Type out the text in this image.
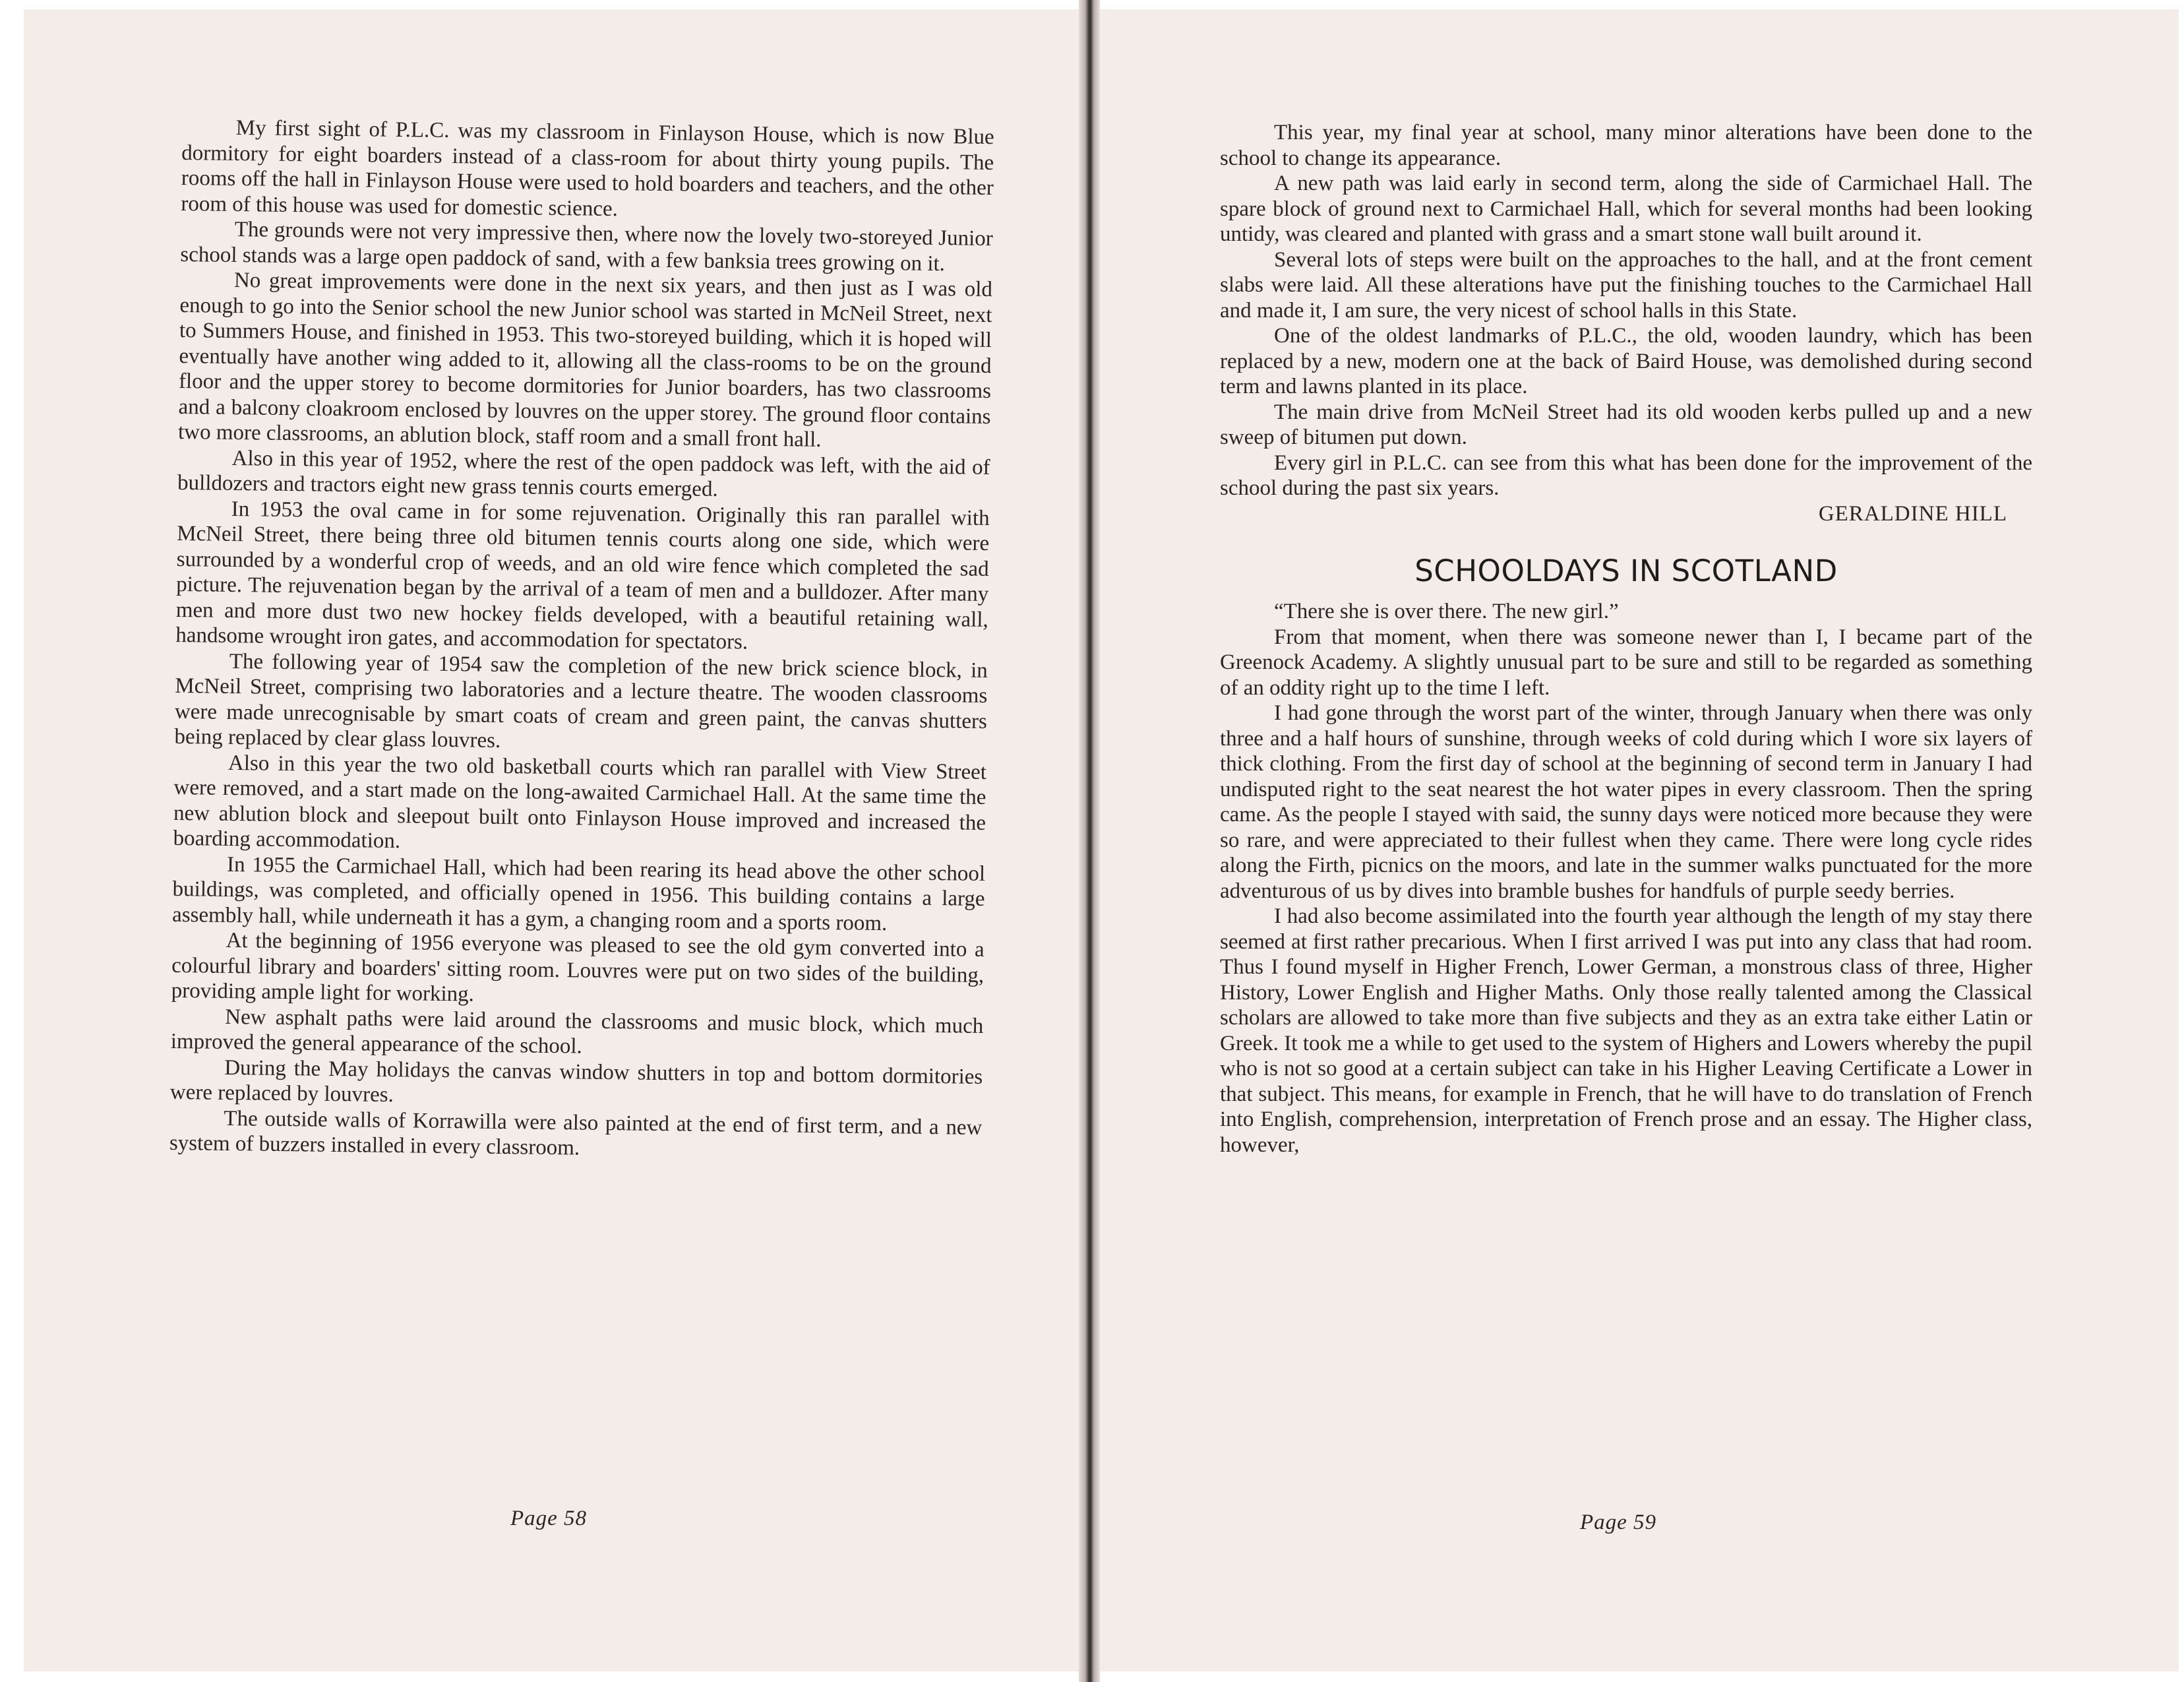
My first sight of P.L.C. was my classroom in Finlayson House, which is now Blue dormitory for eight boarders instead of a class-room for about thirty young pupils. The rooms off the hall in Finlayson House were used to hold boarders and teachers, and the other room of this house was used for domestic science.

The grounds were not very impressive then, where now the lovely two-storeyed Junior school stands was a large open paddock of sand, with a few banksia trees growing on it.

No great improvements were done in the next six years, and then just as I was old enough to go into the Senior school the new Junior school was started in McNeil Street, next to Summers House, and finished in 1953. This two-storeyed building, which it is hoped will eventually have another wing added to it, allowing all the class-rooms to be on the ground floor and the upper storey to become dormitories for Junior boarders, has two classrooms and a balcony cloakroom enclosed by louvres on the upper storey. The ground floor contains two more classrooms, an ablution block, staff room and a small front hall.

Also in this year of 1952, where the rest of the open paddock was left, with the aid of bulldozers and tractors eight new grass tennis courts emerged.

In 1953 the oval came in for some rejuvenation. Originally this ran parallel with McNeil Street, there being three old bitumen tennis courts along one side, which were surrounded by a wonderful crop of weeds, and an old wire fence which completed the sad picture. The rejuvenation began by the arrival of a team of men and a bulldozer. After many men and more dust two new hockey fields developed, with a beautiful retaining wall, handsome wrought iron gates, and accommodation for spectators.

The following year of 1954 saw the completion of the new brick science block, in McNeil Street, comprising two laboratories and a lecture theatre. The wooden classrooms were made unrecognisable by smart coats of cream and green paint, the canvas shutters being replaced by clear glass louvres.

Also in this year the two old basketball courts which ran parallel with View Street were removed, and a start made on the long-awaited Carmichael Hall. At the same time the new ablution block and sleepout built onto Finlayson House improved and increased the boarding accommodation.

In 1955 the Carmichael Hall, which had been rearing its head above the other school buildings, was completed, and officially opened in 1956. This building contains a large assembly hall, while underneath it has a gym, a changing room and a sports room.

At the beginning of 1956 everyone was pleased to see the old gym converted into a colourful library and boarders' sitting room. Louvres were put on two sides of the building, providing ample light for working.

New asphalt paths were laid around the classrooms and music block, which much improved the general appearance of the school.

During the May holidays the canvas window shutters in top and bottom dormitories were replaced by louvres.

The outside walls of Korrawilla were also painted at the end of first term, and a new system of buzzers installed in every classroom.

Page 58

This year, my final year at school, many minor alterations have been done to the school to change its appearance.

A new path was laid early in second term, along the side of Carmichael Hall. The spare block of ground next to Carmichael Hall, which for several months had been looking untidy, was cleared and planted with grass and a smart stone wall built around it.

Several lots of steps were built on the approaches to the hall, and at the front cement slabs were laid. All these alterations have put the finishing touches to the Carmichael Hall and made it, I am sure, the very nicest of school halls in this State.

One of the oldest landmarks of P.L.C., the old, wooden laundry, which has been replaced by a new, modern one at the back of Baird House, was demolished during second term and lawns planted in its place.

The main drive from McNeil Street had its old wooden kerbs pulled up and a new sweep of bitumen put down.

Every girl in P.L.C. can see from this what has been done for the improvement of the school during the past six years.

GERALDINE HILL
SCHOOLDAYS IN SCOTLAND

“There she is over there. The new girl.”

From that moment, when there was someone newer than I, I became part of the Greenock Academy. A slightly unusual part to be sure and still to be regarded as something of an oddity right up to the time I left.

I had gone through the worst part of the winter, through January when there was only three and a half hours of sunshine, through weeks of cold during which I wore six layers of thick clothing. From the first day of school at the beginning of second term in January I had undisputed right to the seat nearest the hot water pipes in every classroom. Then the spring came. As the people I stayed with said, the sunny days were noticed more because they were so rare, and were appreciated to their fullest when they came. There were long cycle rides along the Firth, picnics on the moors, and late in the summer walks punctuated for the more adventurous of us by dives into bramble bushes for handfuls of purple seedy berries.

I had also become assimilated into the fourth year although the length of my stay there seemed at first rather precarious. When I first arrived I was put into any class that had room. Thus I found myself in Higher French, Lower German, a monstrous class of three, Higher History, Lower English and Higher Maths. Only those really talented among the Classical scholars are allowed to take more than five subjects and they as an extra take either Latin or Greek. It took me a while to get used to the system of Highers and Lowers whereby the pupil who is not so good at a certain subject can take in his Higher Leaving Certificate a Lower in that subject. This means, for example in French, that he will have to do translation of French into English, comprehension, interpretation of French prose and an essay. The Higher class, however,

Page 59
